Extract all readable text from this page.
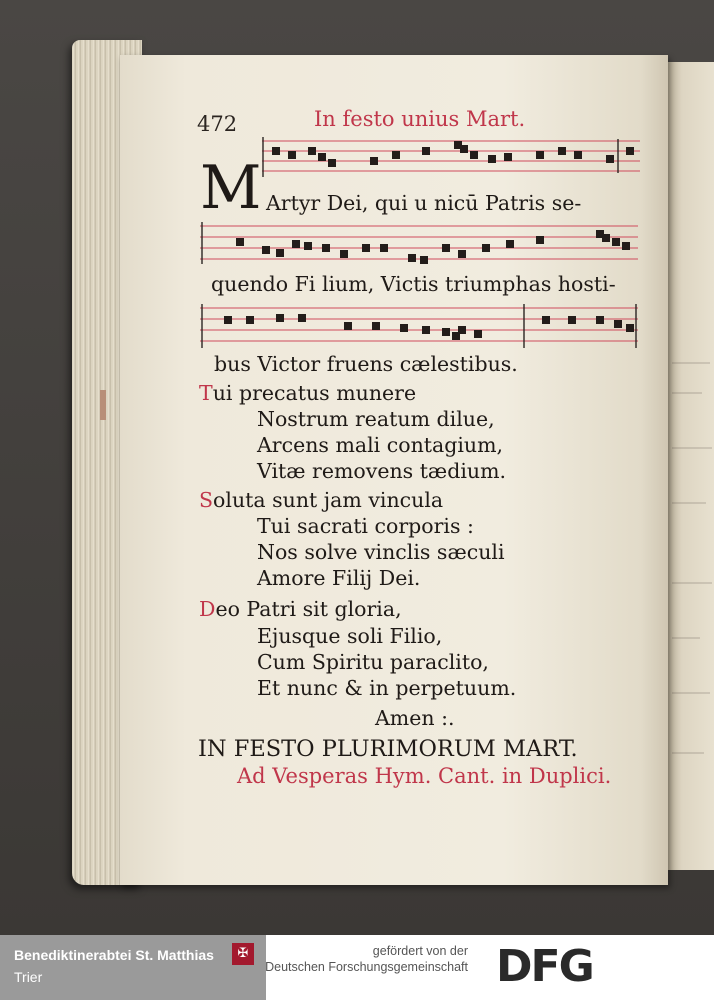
472	In festo unius Mart.
M Artyr Dei, qui u nicū Patris se-
quendo Fi lium, Victis triumphas hosti-
bus Victor fruens cælestibus.
Tui precatus munere
Nostrum reatum dilue,
Arcens mali contagium,
Vitæ removens tædium.
Soluta sunt jam vincula
Tui sacrati corporis :
Nos solve vinclis sæculi
Amore Filij Dei.
Deo Patri sit gloria,
Ejusque soli Filio,
Cum Spiritu paraclito,
Et nunc & in perpetuum.
Amen :.
IN FESTO PLURIMORUM MART.
Ad Vesperas Hym. Cant. in Duplici.
Benediktinerabtei St. Matthias
Trier
✠	gefördert von der
Deutschen Forschungsgemeinschaft DFG
